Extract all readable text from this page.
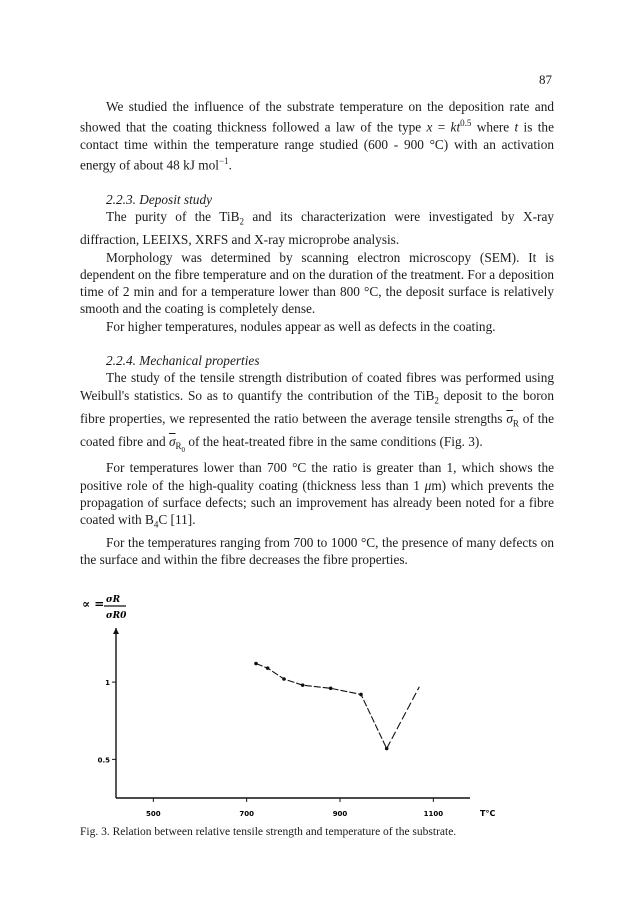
87

We studied the influence of the substrate temperature on the deposition rate and showed that the coating thickness followed a law of the type $x = kt^{0.5}$ where t is the contact time within the temperature range studied (600 - 900 °C) with an activation energy of about 48 kJ mol$^{-1}$.

2.2.3. Deposit study

The purity of the TiB$_2$ and its characterization were investigated by X-ray diffraction, LEEIXS, XRFS and X-ray microprobe analysis.

Morphology was determined by scanning electron microscopy (SEM). It is dependent on the fibre temperature and on the duration of the treatment. For a deposition time of 2 min and for a temperature lower than 800 °C, the deposit surface is relatively smooth and the coating is completely dense.

For higher temperatures, nodules appear as well as defects in the coating.

2.2.4. Mechanical properties

The study of the tensile strength distribution of coated fibres was performed using Weibull's statistics. So as to quantify the contribution of the TiB$_2$ deposit to the boron fibre properties, we represented the ratio between the average tensile strengths $\overline{\sigma}_R$ of the coated fibre and $\overline{\sigma}_{R_0}$ of the heat-treated fibre in the same conditions (Fig. 3).

For temperatures lower than 700 °C the ratio is greater than 1, which shows the positive role of the high-quality coating (thickness less than 1 μm) which prevents the propagation of surface defects; such an improvement has already been noted for a fibre coated with $B_4C$ [11].

For the temperatures ranging from 700 to 1000 °C, the presence of many defects on the surface and within the fibre decreases the fibre properties.

∝ = σR
σR0
1
0.5
500	700	900	1100	T°C
Fig. 3. Relation between relative tensile strength and temperature of the substrate.
